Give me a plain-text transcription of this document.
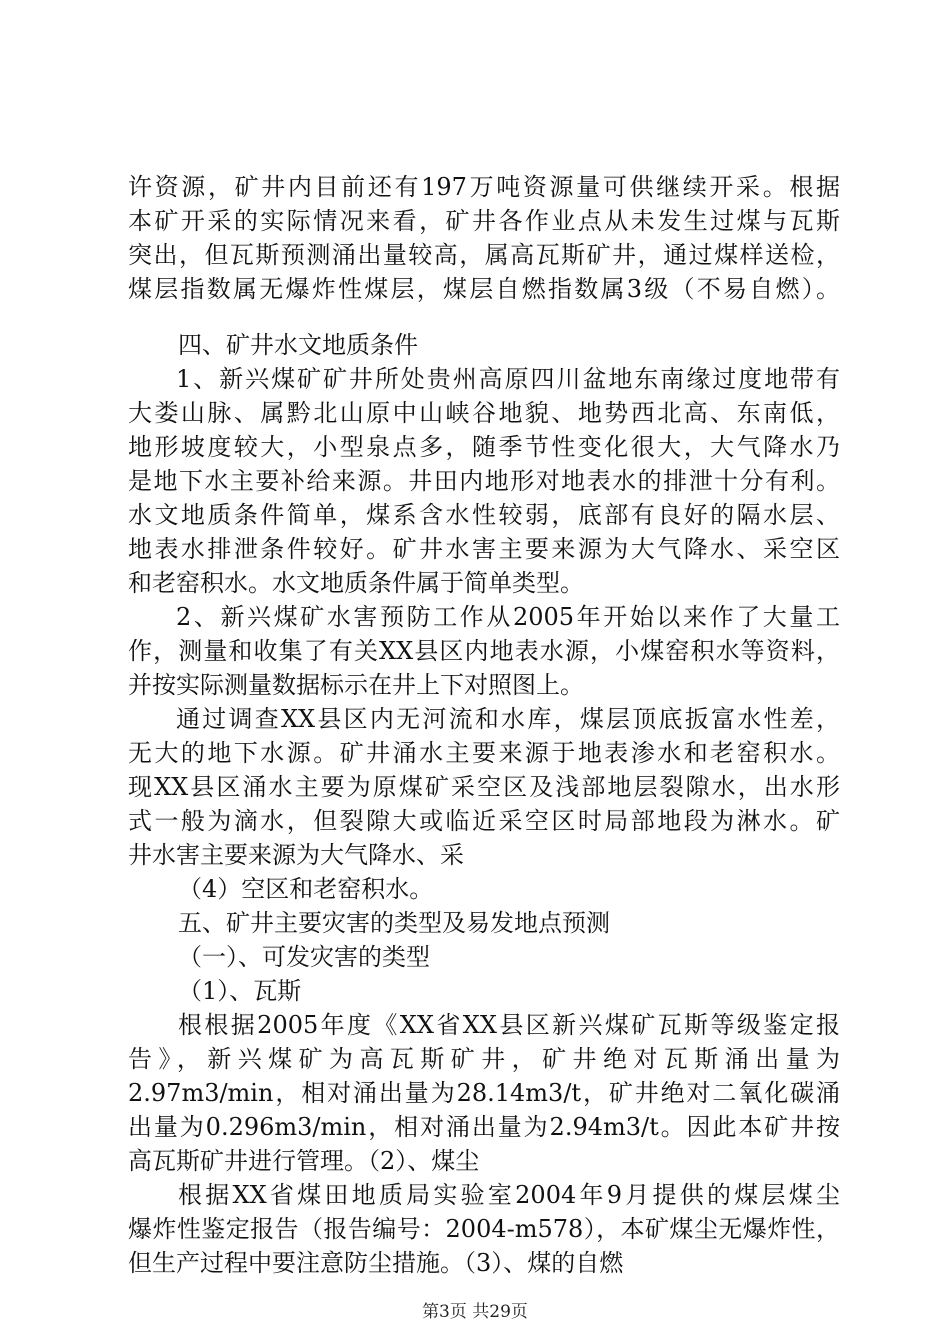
许资源，矿井内目前还有197万吨资源量可供继续开采。根据
本矿开采的实际情况来看，矿井各作业点从未发生过煤与瓦斯
突出，但瓦斯预测涌出量较高，属高瓦斯矿井，通过煤样送检，
煤层指数属无爆炸性煤层，煤层自燃指数属3级（不易自燃）。
四、矿井水文地质条件
1、新兴煤矿矿井所处贵州高原四川盆地东南缘过度地带有
大娄山脉、属黔北山原中山峡谷地貌、地势西北高、东南低，
地形坡度较大，小型泉点多，随季节性变化很大，大气降水乃
是地下水主要补给来源。井田内地形对地表水的排泄十分有利。
水文地质条件简单，煤系含水性较弱，底部有良好的隔水层、
地表水排泄条件较好。矿井水害主要来源为大气降水、采空区
和老窑积水。水文地质条件属于简单类型。
2、新兴煤矿水害预防工作从2005年开始以来作了大量工
作，测量和收集了有关XX县区内地表水源，小煤窑积水等资料，
并按实际测量数据标示在井上下对照图上。
通过调查XX县区内无河流和水库，煤层顶底扳富水性差，
无大的地下水源。矿井涌水主要来源于地表渗水和老窑积水。
现XX县区涌水主要为原煤矿采空区及浅部地层裂隙水，出水形
式一般为滴水，但裂隙大或临近采空区时局部地段为淋水。矿
井水害主要来源为大气降水、采
（4）空区和老窑积水。
五、矿井主要灾害的类型及易发地点预测
（一）、可发灾害的类型
（1）、瓦斯
根根据2005年度《XX省XX县区新兴煤矿瓦斯等级鉴定报
告》，新兴煤矿为高瓦斯矿井，矿井绝对瓦斯涌出量为
2.97m3/min，相对涌出量为28.14m3/t，矿井绝对二氧化碳涌
出量为0.296m3/min，相对涌出量为2.94m3/t。因此本矿井按
高瓦斯矿井进行管理。（2）、煤尘
根据XX省煤田地质局实验室2004年9月提供的煤层煤尘
爆炸性鉴定报告（报告编号：2004-m578），本矿煤尘无爆炸性，
但生产过程中要注意防尘措施。（3）、煤的自燃
第3页 共29页
